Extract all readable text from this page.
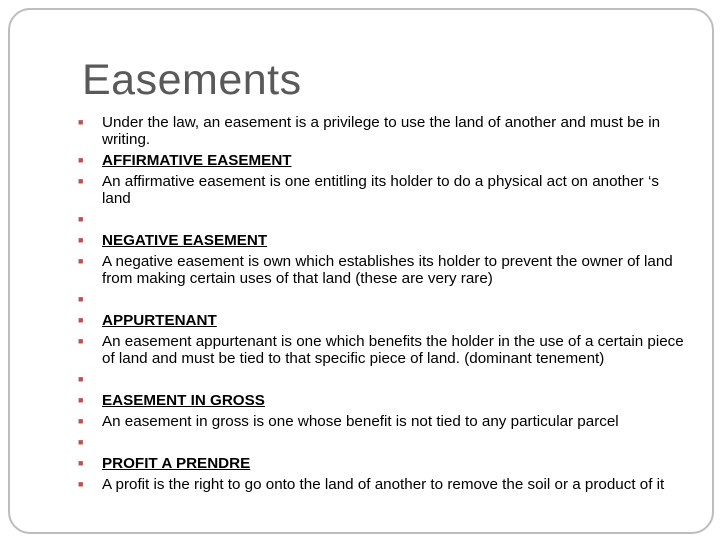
Easements
■ Under the law, an easement is a privilege to use the land of another and must be in writing.
■ AFFIRMATIVE EASEMENT
■ An affirmative easement is one entitling its holder to do a physical act on another ‘s land
■
■ NEGATIVE EASEMENT
■ A negative easement is own which establishes its holder to prevent the owner of land from making certain uses of that land (these are very rare)
■
■ APPURTENANT
■ An easement appurtenant is one which benefits the holder in the use of a certain piece of land and must be tied to that specific piece of land. (dominant tenement)
■
■ EASEMENT IN GROSS
■ An easement in gross is one whose benefit is not tied to any particular parcel
■
■ PROFIT A PRENDRE
■ A profit is the right to go onto the land of another to remove the soil or a product of it
